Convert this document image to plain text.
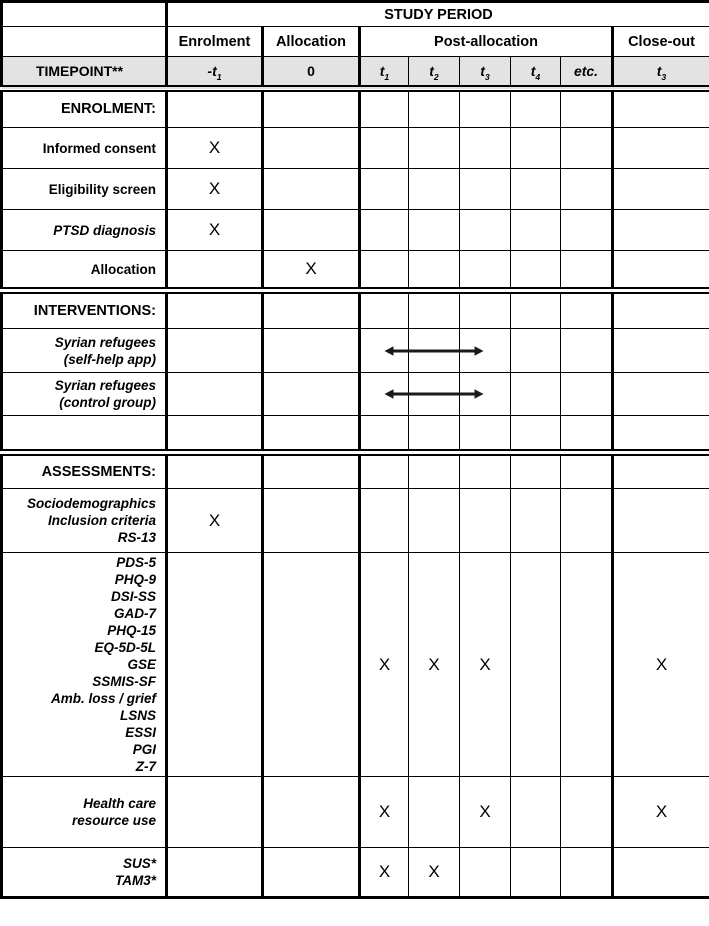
	STUDY PERIOD							
	Enrolment	Allocation	Post-allocation					Close-out
TIMEPOINT**	$-t_1$	0	$t_1$	$t_2$	$t_3$	$t_4$	etc.	$t_3$
ENROLMENT:								
Informed consent	X							
Eligibility screen	X							
PTSD diagnosis	X							
Allocation		X						
INTERVENTIONS:								
Syrian refugees
(self-help app)				

Syrian refugees
(control group)				

ASSESSMENTS:								
Sociodemographics
Inclusion criteria
RS-13	X							
PDS-5
PHQ-9
DSI-SS
GAD-7
PHQ-15
EQ-5D-5L
GSE
SSMIS-SF
Amb. loss / grief
LSNS
ESSI
PGI
Z-7			X	X	X			X
Health care
resource use			X		X			X
SUS*
TAM3*			X	X				
